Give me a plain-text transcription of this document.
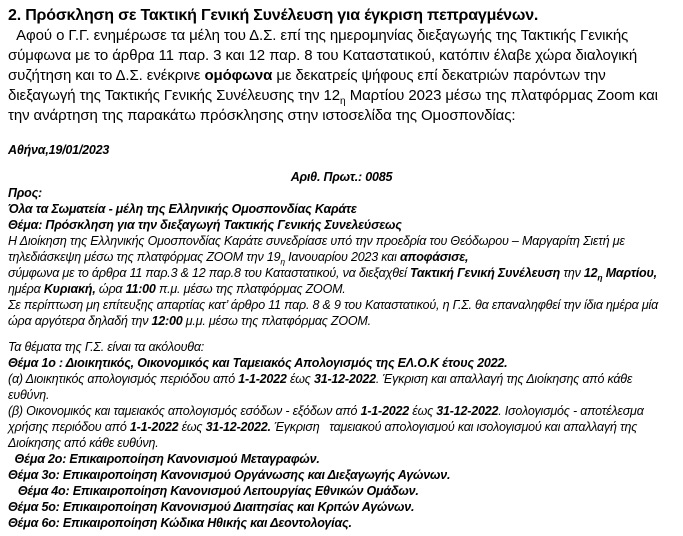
2. Πρόσκληση σε Τακτική Γενική Συνέλευση για έγκριση πεπραγμένων.
Αφού ο Γ.Γ. ενημέρωσε τα μέλη του Δ.Σ. επί της ημερομηνίας διεξαγωγής της Τακτικής Γενικής σύμφωνα με το άρθρα 11 παρ. 3 και 12 παρ. 8 του Καταστατικού, κατόπιν έλαβε χώρα διαλογική συζήτηση και το Δ.Σ. ενέκρινε ομόφωνα με δεκατρείς ψήφους επί δεκατριών παρόντων την διεξαγωγή της Τακτικής Γενικής Συνέλευσης την $12_\eta$ Μαρτίου 2023 μέσω της πλατφόρμας Zoom και την ανάρτηση της παρακάτω πρόσκλησης στην ιστοσελίδα της Ομοσπονδίας:
Αθήνα,19/01/2023
Αριθ. Πρωτ.: 0085
Προς:
Όλα τα Σωματεία - μέλη της Ελληνικής Ομοσπονδίας Καράτε
Θέμα: Πρόσκληση για την διεξαγωγή Τακτικής Γενικής Συνελεύσεως
Η Διοίκηση της Ελληνικής Ομοσπονδίας Καράτε συνεδρίασε υπό την προεδρία του Θεόδωρου – Μαργαρίτη Σιετή με τηλεδιάσκεψη μέσω της πλατφόρμας ZOOM την $19_\eta$ Ιανουαρίου 2023 και αποφάσισε,
σύμφωνα με το άρθρα 11 παρ.3 & 12 παρ.8 του Καταστατικού, να διεξαχθεί Τακτική Γενική Συνέλευση την $12_\eta$ Μαρτίου, ημέρα Κυριακή, ώρα 11:00 π.μ. μέσω της πλατφόρμας ZOOM.
Σε περίπτωση μη επίτευξης απαρτίας κατ’ άρθρο 11 παρ. 8 & 9 του Καταστατικού, η Γ.Σ. θα επαναληφθεί την ίδια ημέρα μία ώρα αργότερα δηλαδή την 12:00 μ.μ. μέσω της πλατφόρμας ZOOM.
Τα θέματα της Γ.Σ. είναι τα ακόλουθα:
Θέμα 1ο : Διοικητικός, Οικονομικός και Ταμειακός Απολογισμός της ΕΛ.Ο.Κ έτους 2022.
(α) Διοικητικός απολογισμός περιόδου από 1-1-2022 έως 31-12-2022. Έγκριση και απαλλαγή της Διοίκησης από κάθε ευθύνη.
(β) Οικονομικός και ταμειακός απολογισμός εσόδων - εξόδων από 1-1-2022 έως 31-12-2022. Ισολογισμός - αποτέλεσμα χρήσης περιόδου από 1-1-2022 έως 31-12-2022. Έγκριση   ταμειακού απολογισμού και ισολογισμού και απαλλαγή της Διοίκησης από κάθε ευθύνη.
Θέμα 2ο: Επικαιροποίηση Κανονισμού Μεταγραφών.
Θέμα 3ο: Επικαιροποίηση Κανονισμού Οργάνωσης και Διεξαγωγής Αγώνων.
Θέμα 4ο: Επικαιροποίηση Κανονισμού Λειτουργίας Εθνικών Ομάδων.
Θέμα 5ο: Επικαιροποίηση Κανονισμού Διαιτησίας και Κριτών Αγώνων.
Θέμα 6ο: Επικαιροποίηση Κώδικα Ηθικής και Δεοντολογίας.
